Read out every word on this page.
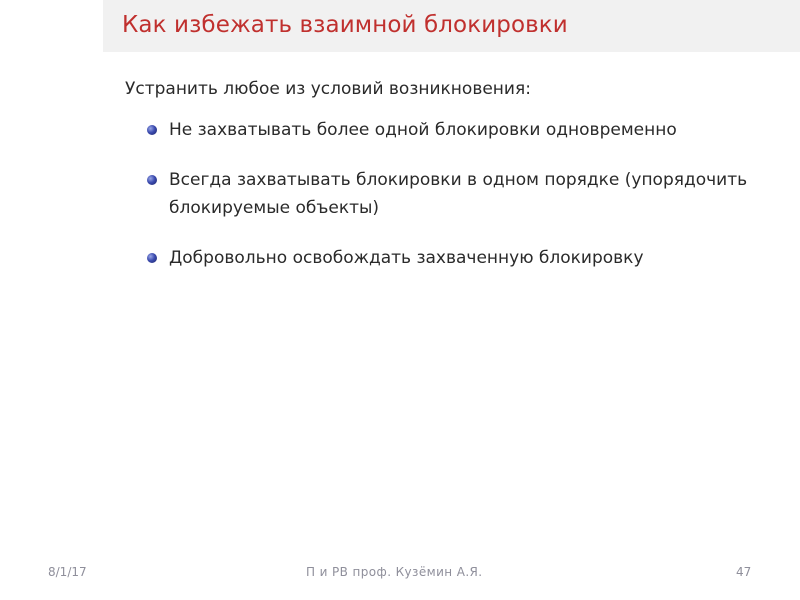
Как избежать взаимной блокировки
Устранить любое из условий возникновения:
Не захватывать более одной блокировки одновременно
Всегда захватывать блокировки в одном порядке (упорядочить блокируемые объекты)
Добровольно освобождать захваченную блокировку
8/1/17	П и РВ проф. Кузёмин А.Я.	47
